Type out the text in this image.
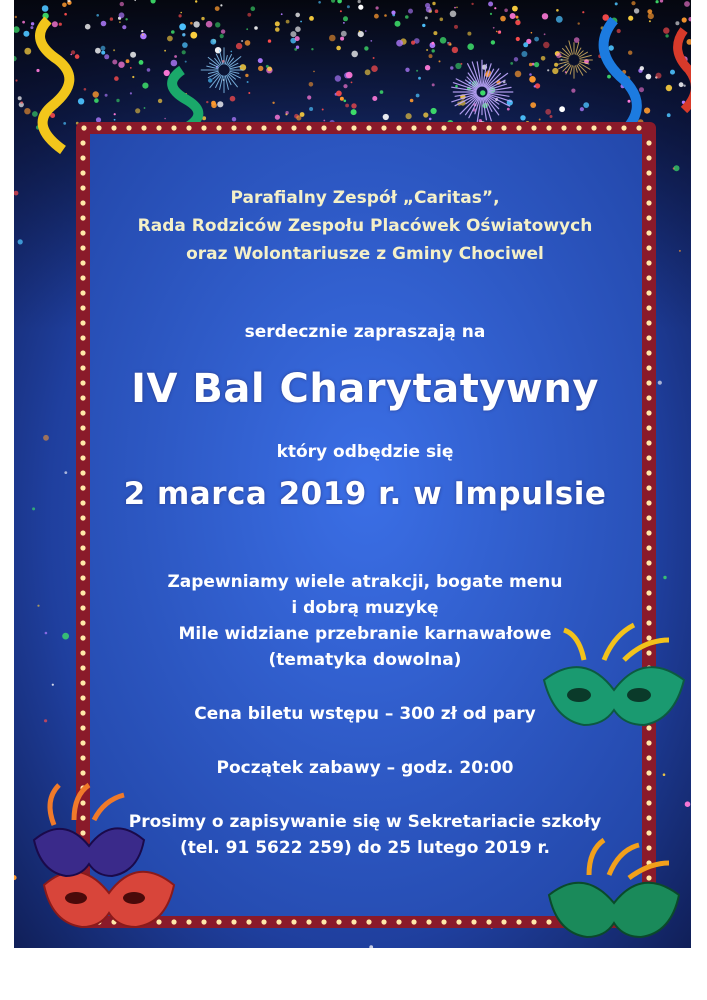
Parafialny Zespół „Caritas”,
Rada Rodziców Zespołu Placówek Oświatowych
oraz Wolontariusze z Gminy Chociwel
serdecznie zapraszają na
IV Bal Charytatywny
który odbędzie się
2 marca 2019 r. w Impulsie
Zapewniamy wiele atrakcji, bogate menu
i dobrą muzykę
Mile widziane przebranie karnawałowe
(tematyka dowolna)
Cena biletu wstępu – 300 zł od pary
Początek zabawy – godz. 20:00
Prosimy o zapisywanie się w Sekretariacie szkoły
(tel. 91 5622 259) do 25 lutego 2019 r.
